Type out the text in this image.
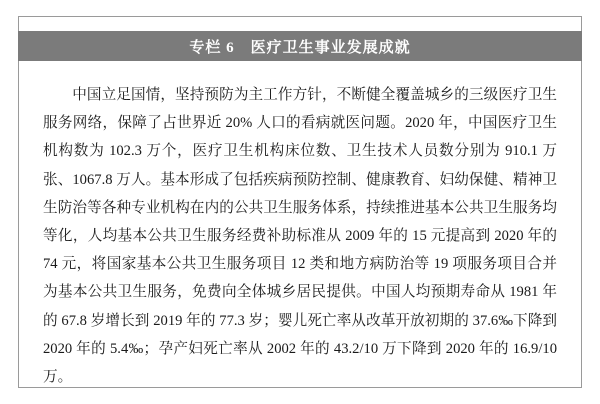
专栏 6　医疗卫生事业发展成就

中国立足国情，坚持预防为主工作方针，不断健全覆盖城乡的三级医疗卫生服务网络，保障了占世界近 20% 人口的看病就医问题。2020 年，中国医疗卫生机构数为 102.3 万个，医疗卫生机构床位数、卫生技术人员数分别为 910.1 万张、1067.8 万人。基本形成了包括疾病预防控制、健康教育、妇幼保健、精神卫生防治等各种专业机构在内的公共卫生服务体系，持续推进基本公共卫生服务均等化，人均基本公共卫生服务经费补助标准从 2009 年的 15 元提高到 2020 年的 74 元，将国家基本公共卫生服务项目 12 类和地方病防治等 19 项服务项目合并为基本公共卫生服务，免费向全体城乡居民提供。中国人均预期寿命从 1981 年的 67.8 岁增长到 2019 年的 77.3 岁；婴儿死亡率从改革开放初期的 37.6‰下降到 2020 年的 5.4‰；孕产妇死亡率从 2002 年的 43.2/10 万下降到 2020 年的 16.9/10 万。
